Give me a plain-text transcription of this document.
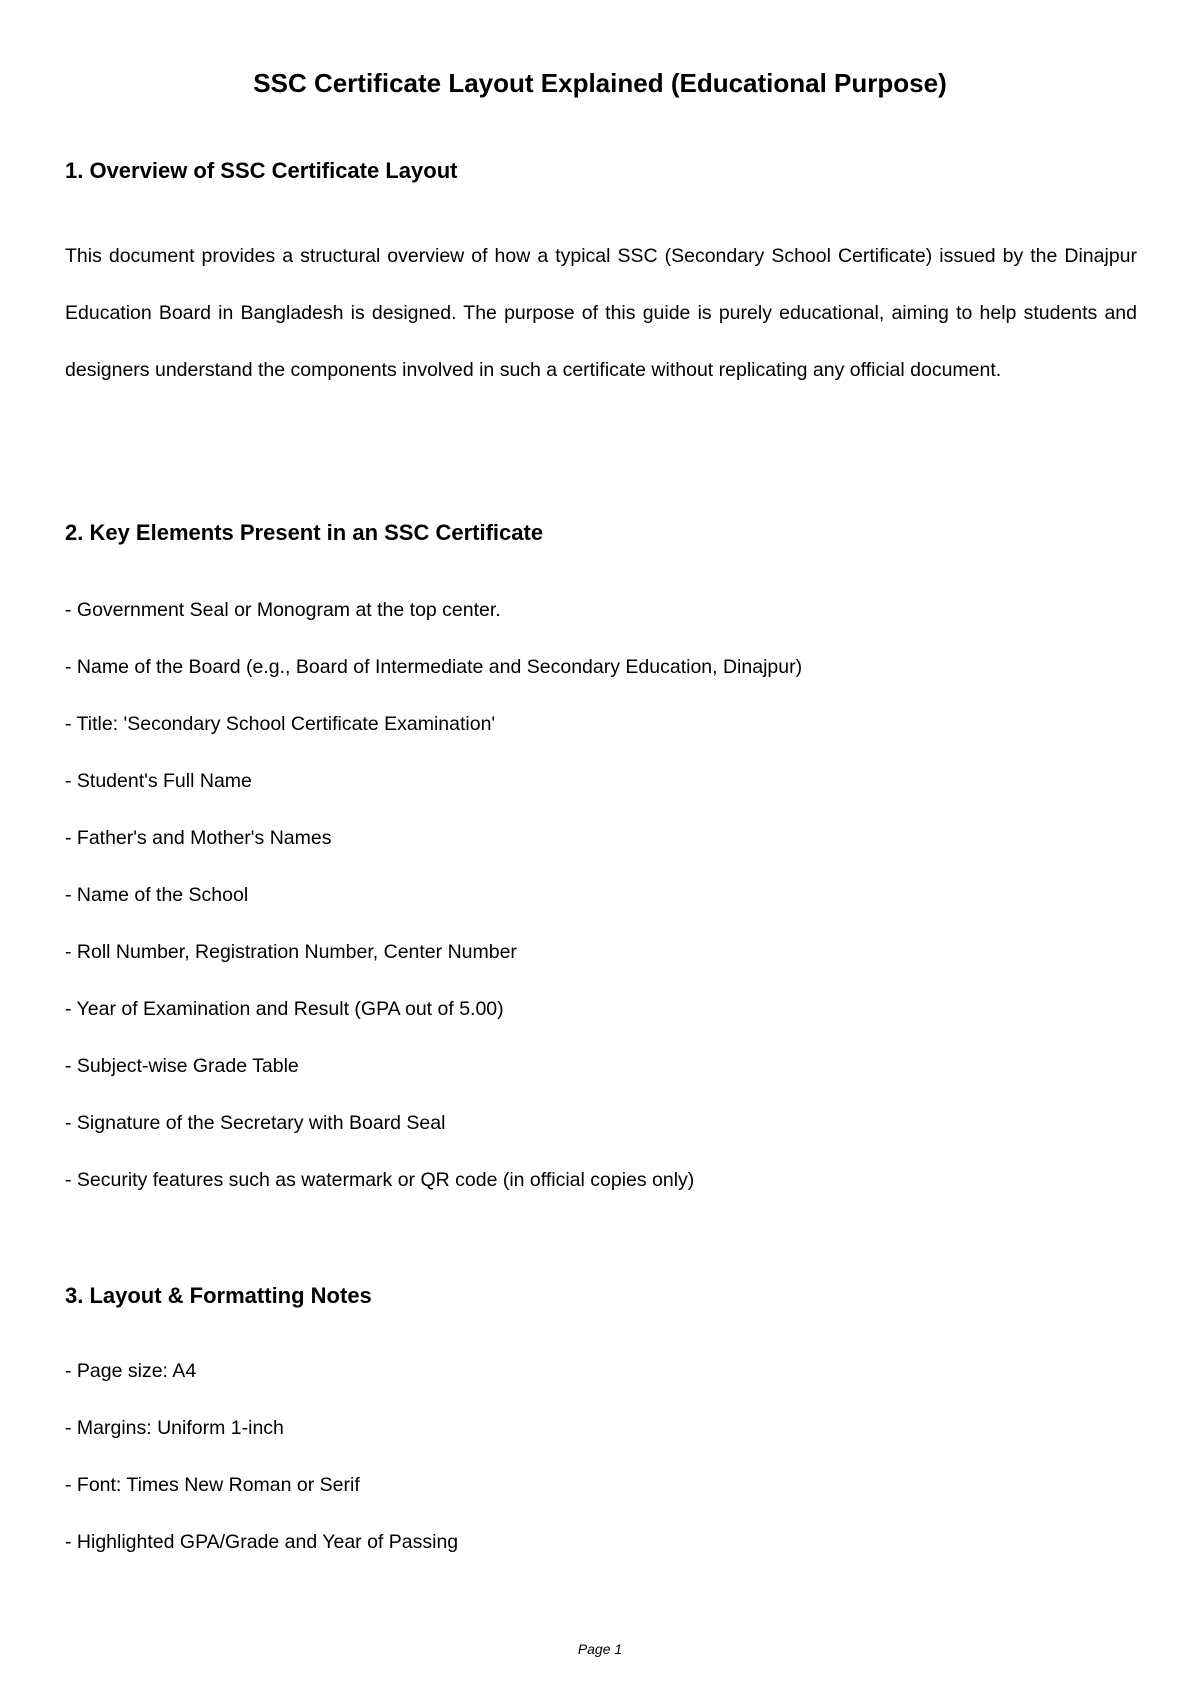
SSC Certificate Layout Explained (Educational Purpose)
1. Overview of SSC Certificate Layout

This document provides a structural overview of how a typical SSC (Secondary School Certificate) issued by the Dinajpur Education Board in Bangladesh is designed. The purpose of this guide is purely educational, aiming to help students and designers understand the components involved in such a certificate without replicating any official document.

2. Key Elements Present in an SSC Certificate

- Government Seal or Monogram at the top center.

- Name of the Board (e.g., Board of Intermediate and Secondary Education, Dinajpur)

- Title: 'Secondary School Certificate Examination'

- Student's Full Name

- Father's and Mother's Names

- Name of the School

- Roll Number, Registration Number, Center Number

- Year of Examination and Result (GPA out of 5.00)

- Subject-wise Grade Table

- Signature of the Secretary with Board Seal

- Security features such as watermark or QR code (in official copies only)

3. Layout & Formatting Notes

- Page size: A4

- Margins: Uniform 1-inch

- Font: Times New Roman or Serif

- Highlighted GPA/Grade and Year of Passing

Page 1
